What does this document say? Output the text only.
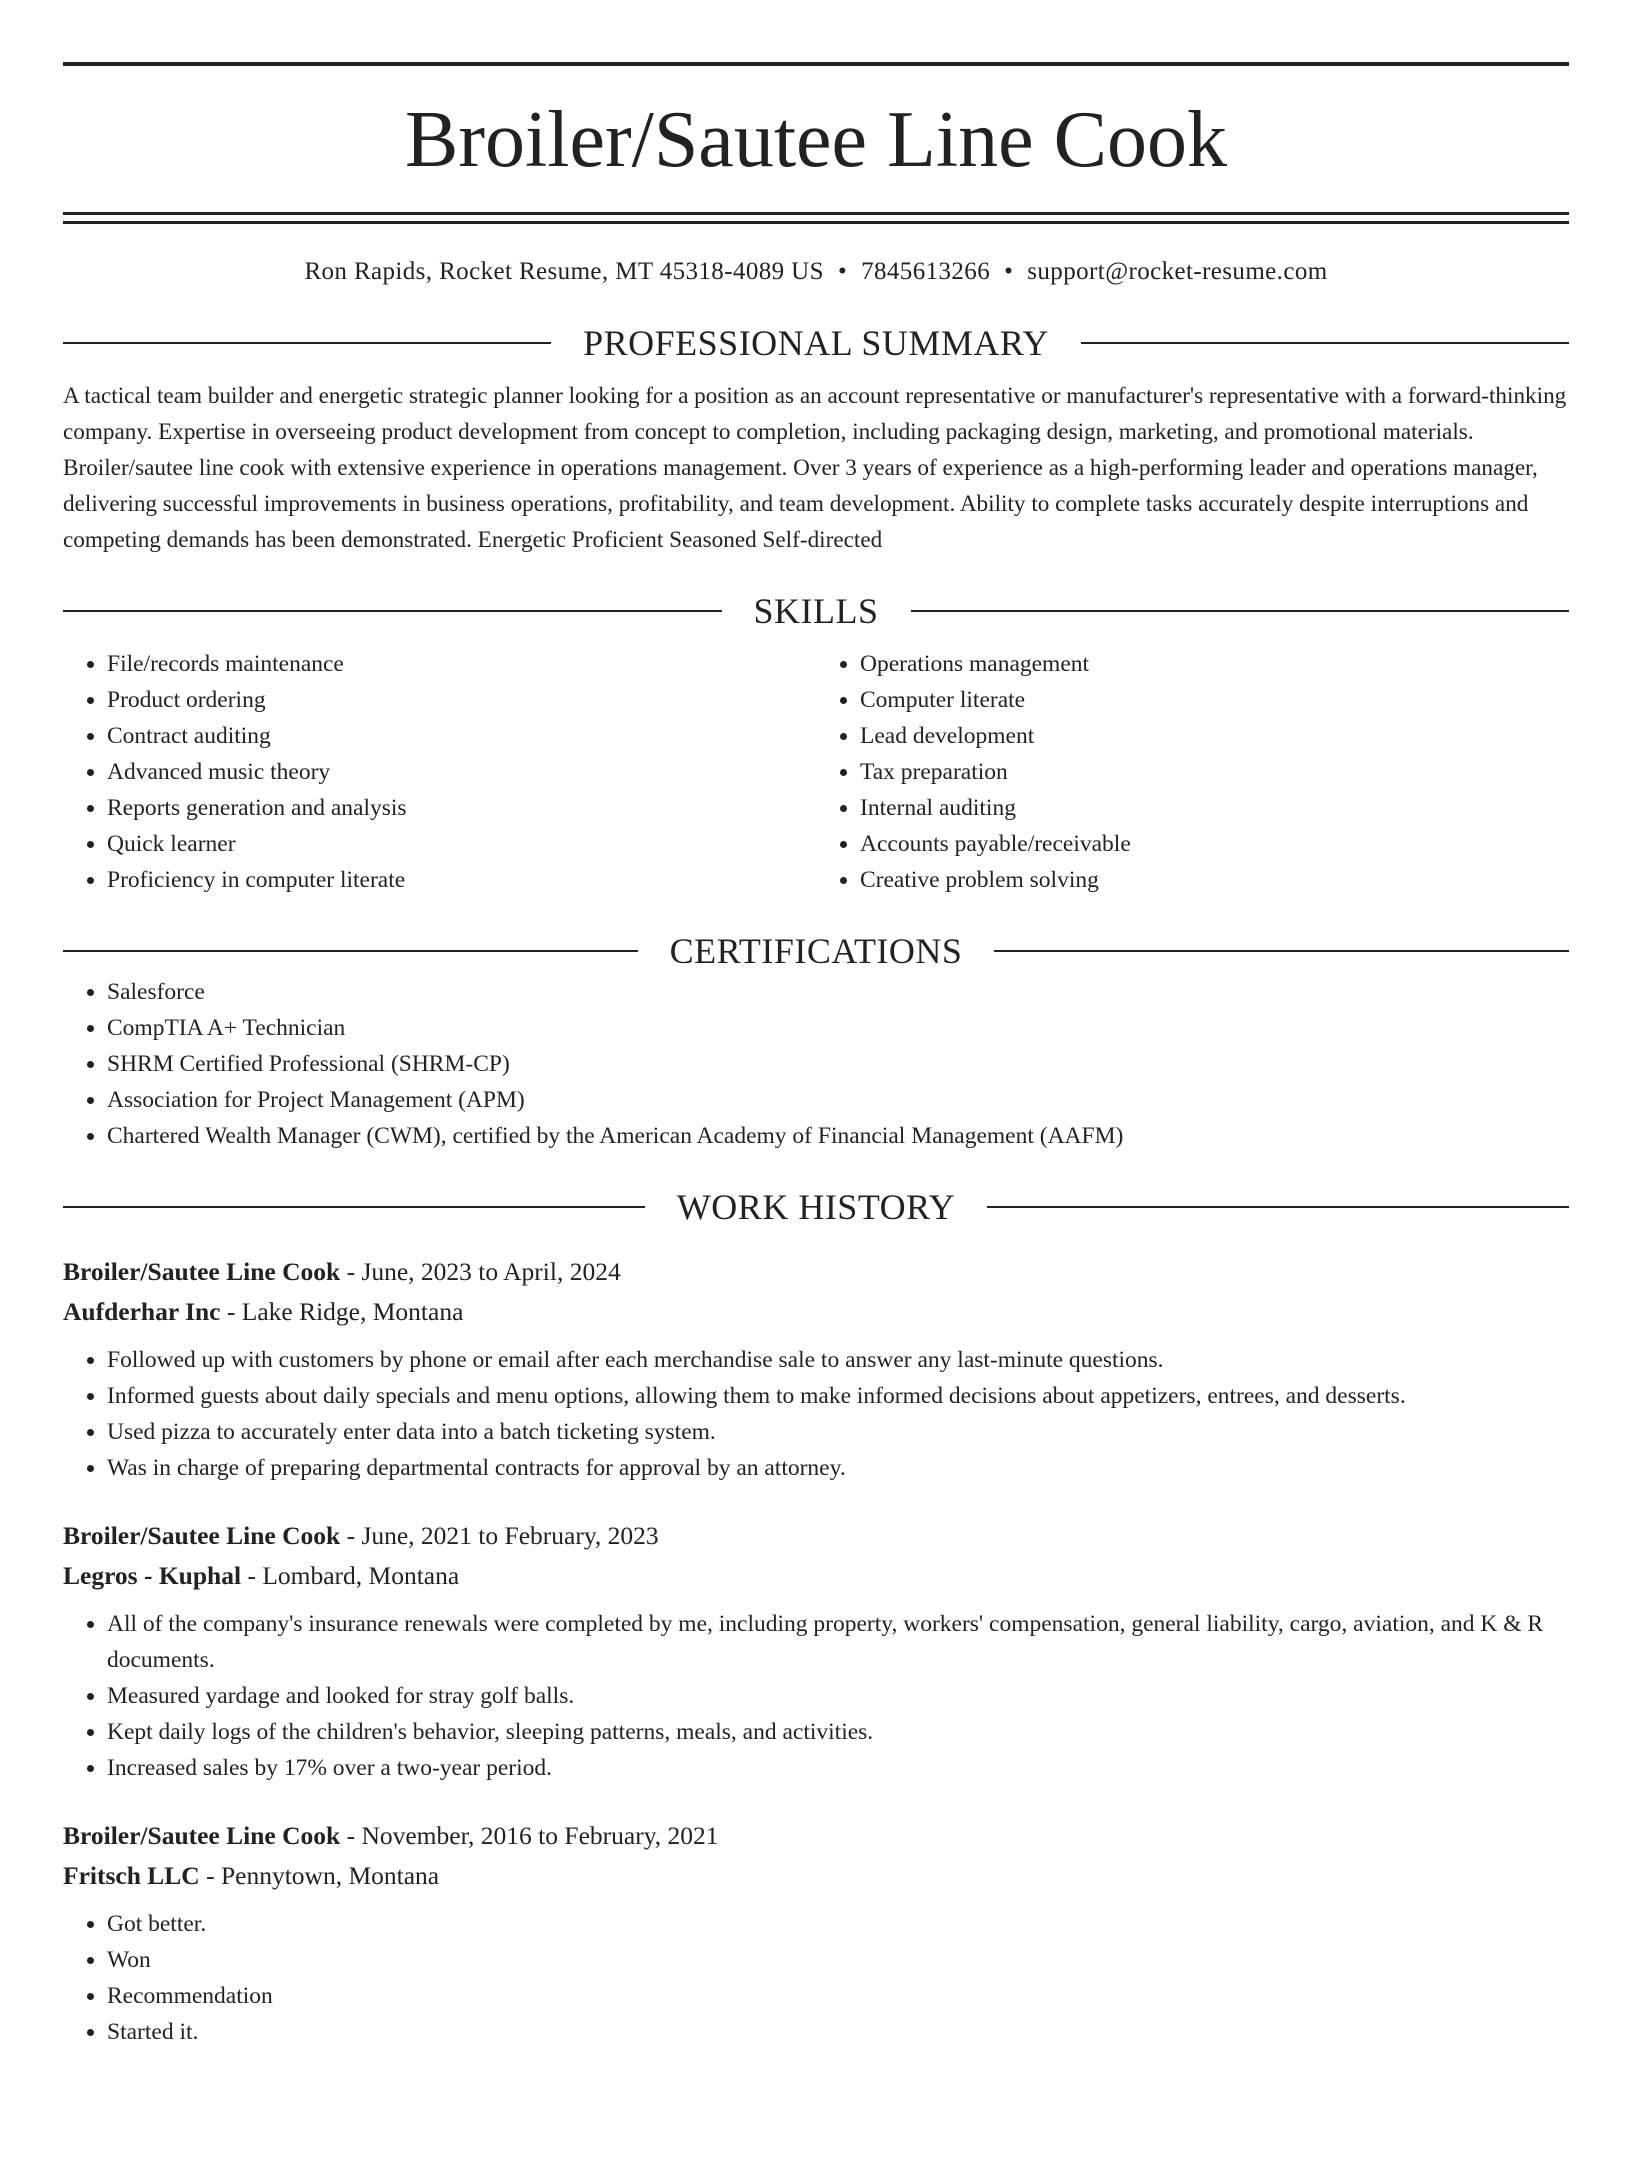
Broiler/Sautee Line Cook
Ron Rapids, Rocket Resume, MT 45318-4089 US • 7845613266 • support@rocket-resume.com
PROFESSIONAL SUMMARY
A tactical team builder and energetic strategic planner looking for a position as an account representative or manufacturer's representative with a forward-thinking company. Expertise in overseeing product development from concept to completion, including packaging design, marketing, and promotional materials. Broiler/sautee line cook with extensive experience in operations management. Over 3 years of experience as a high-performing leader and operations manager, delivering successful improvements in business operations, profitability, and team development. Ability to complete tasks accurately despite interruptions and competing demands has been demonstrated. Energetic Proficient Seasoned Self-directed
SKILLS
• File/records maintenance
• Product ordering
• Contract auditing
• Advanced music theory
• Reports generation and analysis
• Quick learner
• Proficiency in computer literate
• Operations management
• Computer literate
• Lead development
• Tax preparation
• Internal auditing
• Accounts payable/receivable
• Creative problem solving
CERTIFICATIONS
• Salesforce
• CompTIA A+ Technician
• SHRM Certified Professional (SHRM-CP)
• Association for Project Management (APM)
• Chartered Wealth Manager (CWM), certified by the American Academy of Financial Management (AAFM)
WORK HISTORY
Broiler/Sautee Line Cook - June, 2023 to April, 2024
Aufderhar Inc - Lake Ridge, Montana
• Followed up with customers by phone or email after each merchandise sale to answer any last-minute questions.
• Informed guests about daily specials and menu options, allowing them to make informed decisions about appetizers, entrees, and desserts.
• Used pizza to accurately enter data into a batch ticketing system.
• Was in charge of preparing departmental contracts for approval by an attorney.
Broiler/Sautee Line Cook - June, 2021 to February, 2023
Legros - Kuphal - Lombard, Montana
• All of the company's insurance renewals were completed by me, including property, workers' compensation, general liability, cargo, aviation, and K & R documents.
• Measured yardage and looked for stray golf balls.
• Kept daily logs of the children's behavior, sleeping patterns, meals, and activities.
• Increased sales by 17% over a two-year period.
Broiler/Sautee Line Cook - November, 2016 to February, 2021
Fritsch LLC - Pennytown, Montana
• Got better.
• Won
• Recommendation
• Started it.
